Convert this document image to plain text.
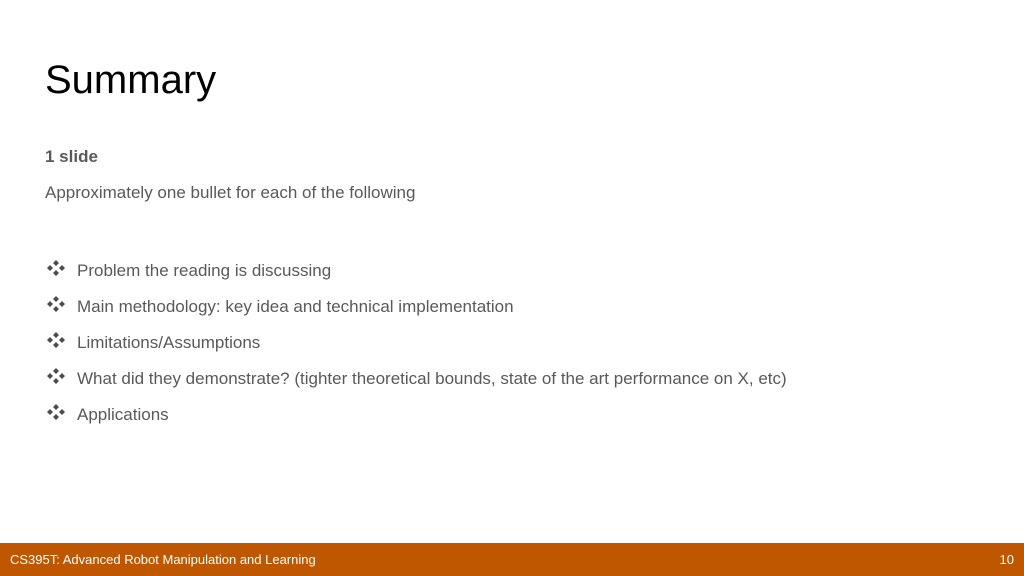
Summary
1 slide
Approximately one bullet for each of the following
Problem the reading is discussing
Main methodology: key idea and technical implementation
Limitations/Assumptions
What did they demonstrate? (tighter theoretical bounds, state of the art performance on X, etc)
Applications
CS395T: Advanced Robot Manipulation and Learning	10
